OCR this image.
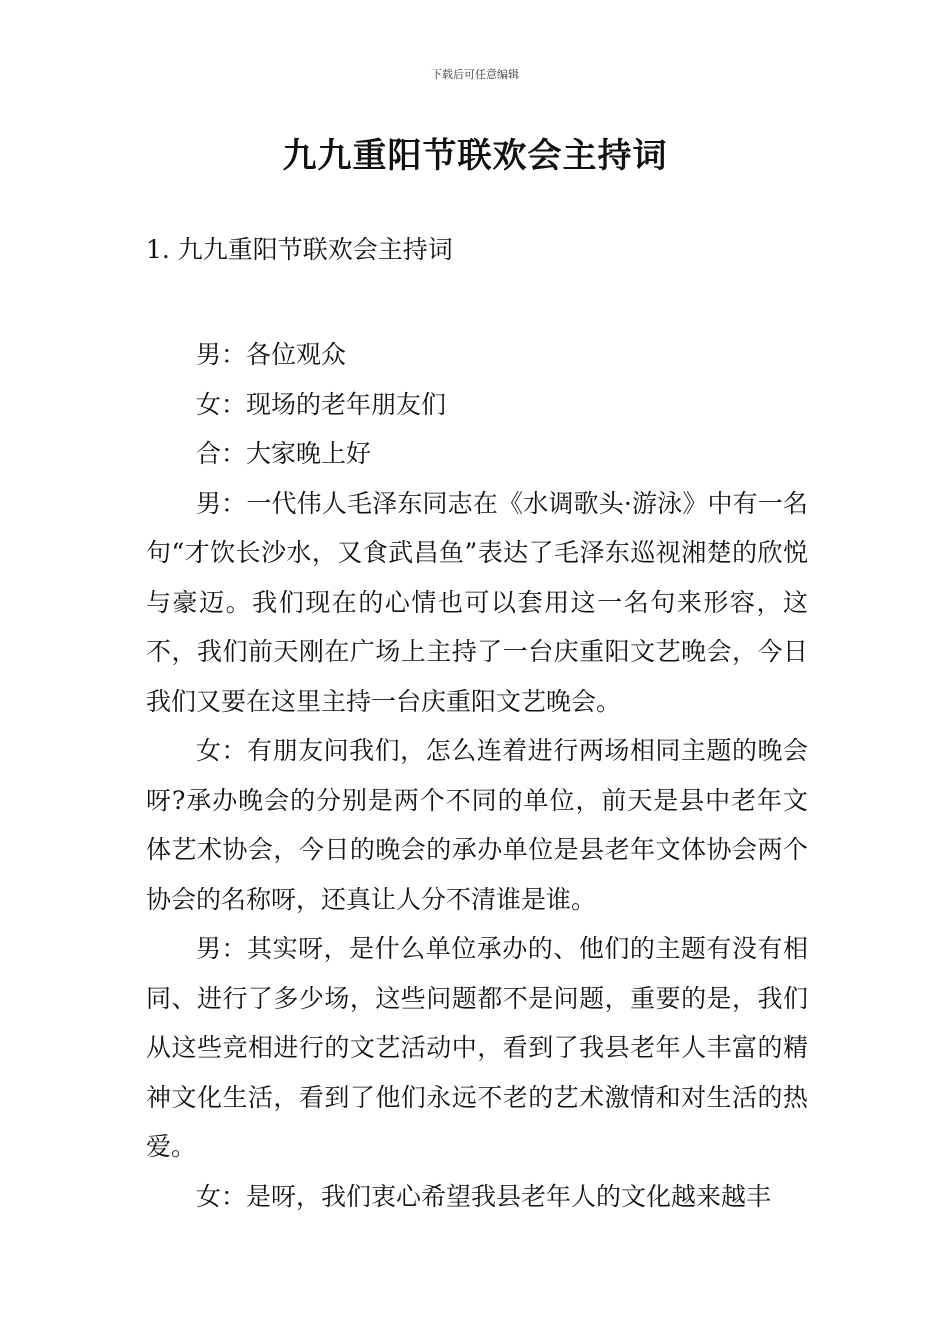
下载后可任意编辑
九九重阳节联欢会主持词
1. 九九重阳节联欢会主持词

男：各位观众

女：现场的老年朋友们

合：大家晚上好

男：一代伟人毛泽东同志在《水调歌头·游泳》中有一名句“才饮长沙水，又食武昌鱼”表达了毛泽东巡视湘楚的欣悦与豪迈。我们现在的心情也可以套用这一名句来形容，这不，我们前天刚在广场上主持了一台庆重阳文艺晚会，今日我们又要在这里主持一台庆重阳文艺晚会。

女：有朋友问我们，怎么连着进行两场相同主题的晚会呀?承办晚会的分别是两个不同的单位，前天是县中老年文体艺术协会，今日的晚会的承办单位是县老年文体协会两个协会的名称呀，还真让人分不清谁是谁。

男：其实呀，是什么单位承办的、他们的主题有没有相同、进行了多少场，这些问题都不是问题，重要的是，我们从这些竞相进行的文艺活动中，看到了我县老年人丰富的精神文化生活，看到了他们永远不老的艺术激情和对生活的热爱。

女：是呀，我们衷心希望我县老年人的文化越来越丰
